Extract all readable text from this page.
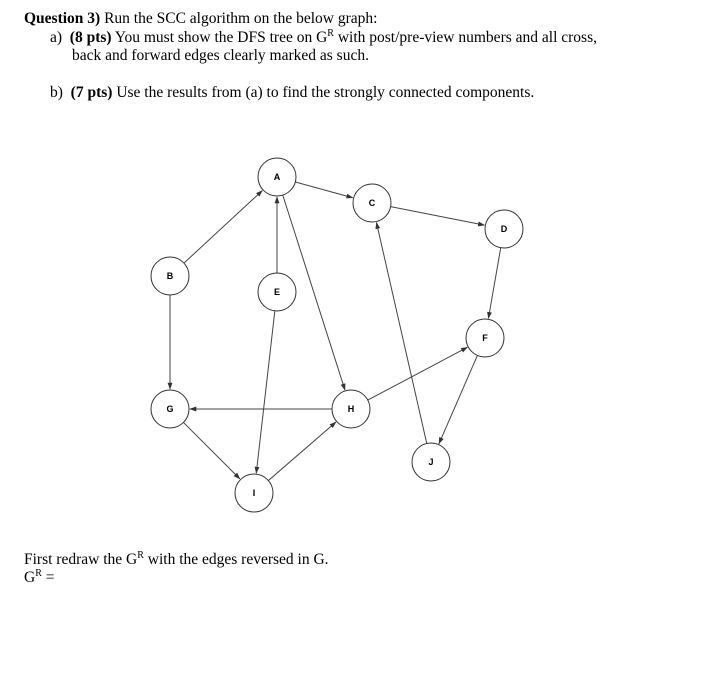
Question 3) Run the SCC algorithm on the below graph:
a) (8 pts) You must show the DFS tree on $G^R$ with post/pre-view numbers and all cross,
back and forward edges clearly marked as such.
b) (7 pts) Use the results from (a) to find the strongly connected components.
A
C
D
B
E
F
G	H
J
I
First redraw the $G^R$ with the edges reversed in G.
$G^R$ =
